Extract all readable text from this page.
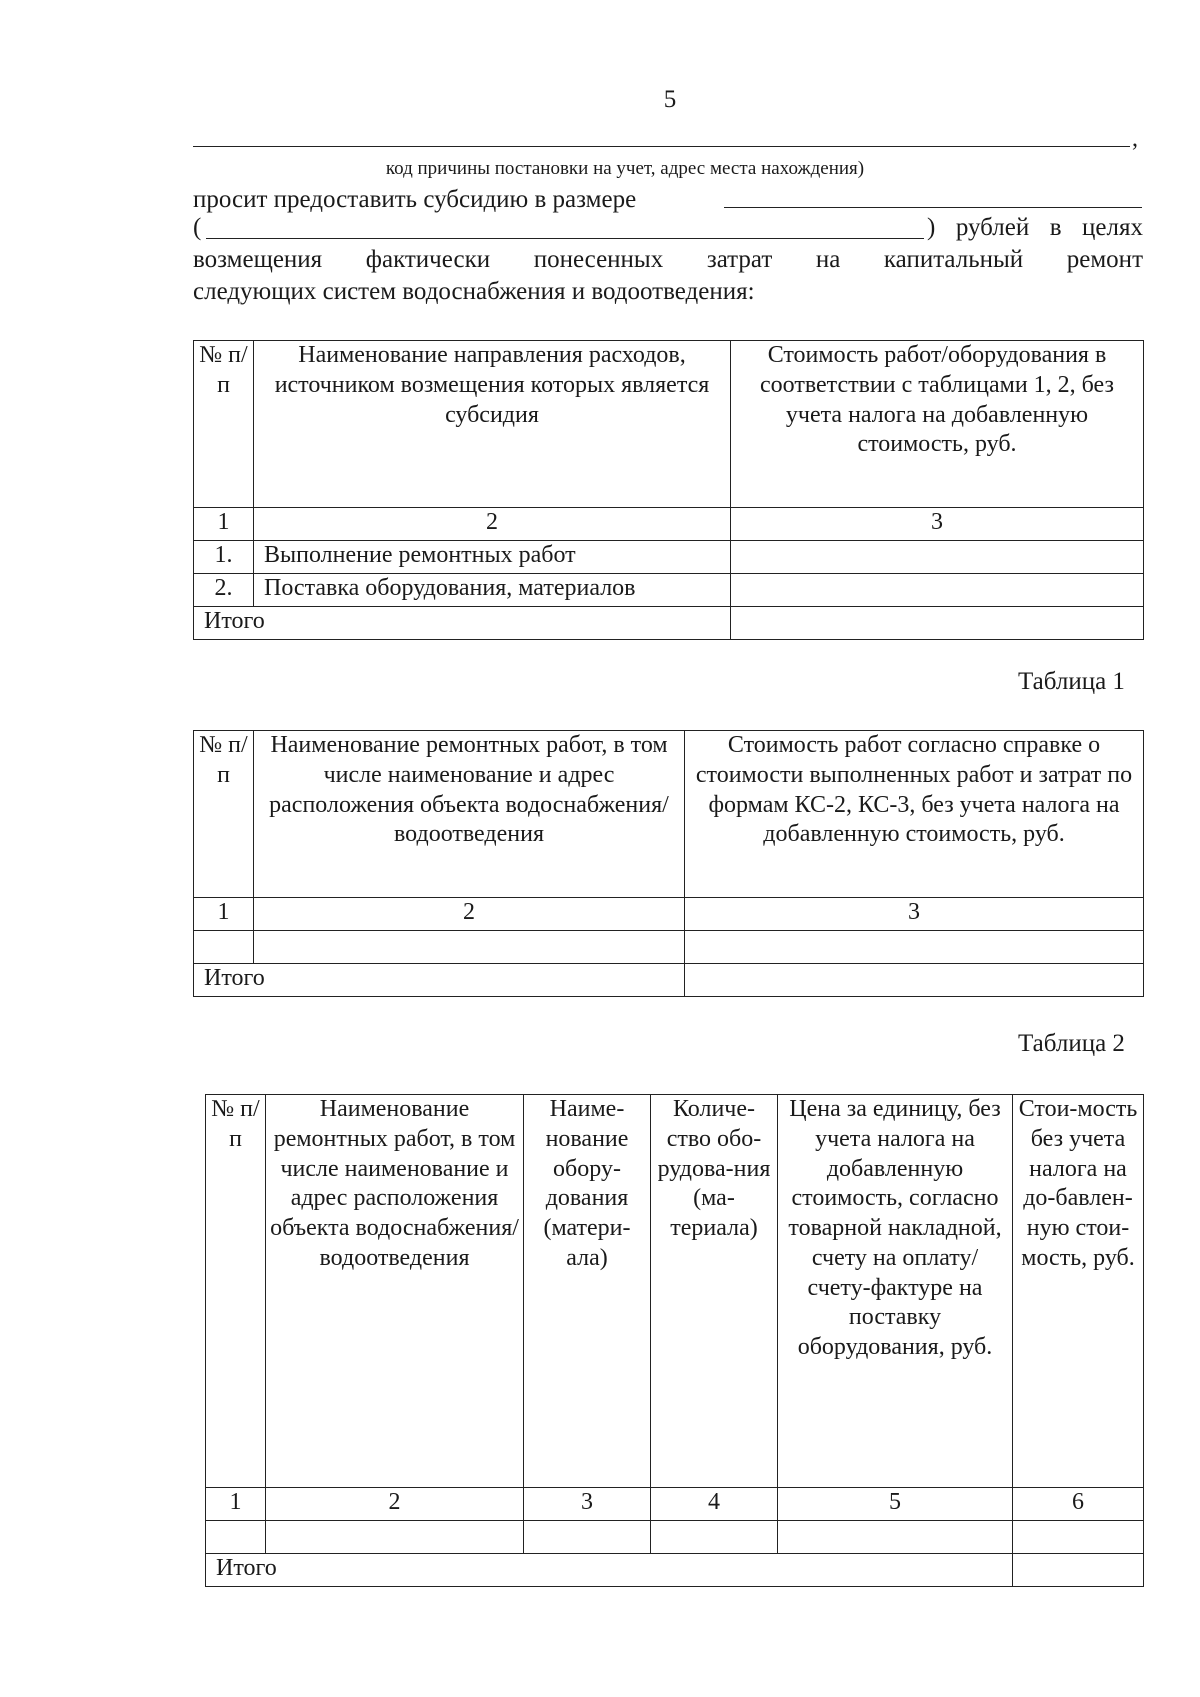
5
,
код причины постановки на учет, адрес места нахождения)
просит предоставить субсидию в размере
(	) рублей в целях
возмещения фактически понесенных затрат на капитальный ремонт
следующих систем водоснабжения и водоотведения:
№ п/п	Наименование направления расходов, источником возмещения которых является субсидия	Стоимость работ/оборудования в соответствии с таблицами 1, 2, без учета налога на добавленную стоимость, руб.
1	2	3
1.	Выполнение ремонтных работ	
2.	Поставка оборудования, материалов	
Итого		
Таблица 1
№ п/п	Наименование ремонтных работ, в том числе наименование и адрес расположения объекта водоснабжения/ водоотведения	Стоимость работ согласно справке о стоимости выполненных работ и затрат по формам КС-2, КС-3, без учета налога на добавленную стоимость, руб.
1	2	3

Итого		
Таблица 2
№ п/п	Наименование ремонтных работ, в том числе наименование и адрес расположения объекта водоснабжения/ водоотведения	Наиме-нование обору-дования (матери-ала)	Количе-ство обо-рудова-ния (ма-териала)	Цена за единицу, без учета налога на добавленную стоимость, согласно товарной накладной, счету на оплату/ счету-фактуре на поставку оборудования, руб.	Стои-мость без учета налога на до-бавлен-ную стои-мость, руб.
1	2	3	4	5	6

Итого					
